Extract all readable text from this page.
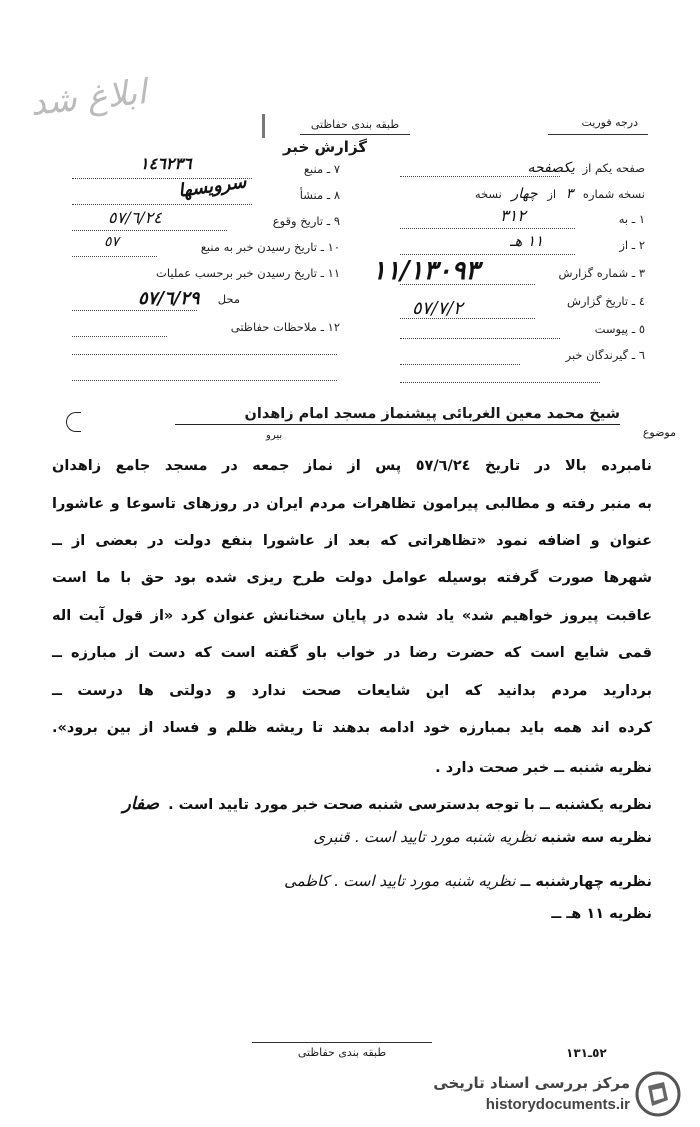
ابلاغ شد
طبقه بندی حفاظتی
گزارش خبر
درجه فوریت
صفحه یکم از یکصفحه
نسخه شماره ٣ از چهار نسخه
١ ـ به
٣١٢
٢ ـ از
١١ هـ
٣ ـ شماره گزارش
١١/١٣٠٩٣
٤ ـ تاریخ گزارش
٥٧/٧/٢
٥ ـ پیوست
٦ ـ گیرندگان خبر
٧ ـ منبع
١٤٦٢٣٦
٨ ـ منشأ
سرویسها
٩ ـ تاریخ وقوع
٥٧/٦/٢٤
١٠ ـ تاریخ رسیدن خبر به منبع
٥٧
١١ ـ تاریخ رسیدن خبر برحسب عملیات
محل
٥٧/٦/٢٩
١٢ ـ ملاحظات حفاظتی
موضوع
شیخ محمد معین الغربائی پیشنماز مسجد امام زاهدان
بیرو
نامبرده بالا در تاریخ ٥٧/٦/٢٤ پس از نماز جمعه در مسجد جامع زاهدان
به منبر رفته و مطالبی پیرامون تظاهرات مردم ایران در روزهای تاسوعا و عاشورا
عنوان و اضافه نمود «تظاهراتی که بعد از عاشورا بنفع دولت در بعضی از ــ
شهرها صورت گرفته بوسیله عوامل دولت طرح ریزی شده بود حق با ما است
عاقبت پیروز خواهیم شد» یاد شده در پایان سخنانش عنوان کرد «از قول آیت اله
قمی شایع است که حضرت رضا در خواب باو گفته است که دست از مبارزه ــ
بردارید مردم بدانید که این شایعات صحت ندارد و دولتی ها درست ــ
کرده اند همه باید بمبارزه خود ادامه بدهند تا ریشه ظلم و فساد از بین برود».
نظریه شنبه ــ خبر صحت دارد .
نظریه یکشنبه ــ با توجه بدسترسی شنبه صحت خبر مورد تایید است . صفار
نظریه سه شنبه نظریه شنبه مورد تایید است . قنبری
نظریه چهارشنبه ــ نظریه شنبه مورد تایید است . کاظمی
نظریه ١١ هـ ــ
طبقه بندی حفاظتی	٥٢ـ١٣١
مرکز بررسی اسناد تاریخی
historydocuments.ir
